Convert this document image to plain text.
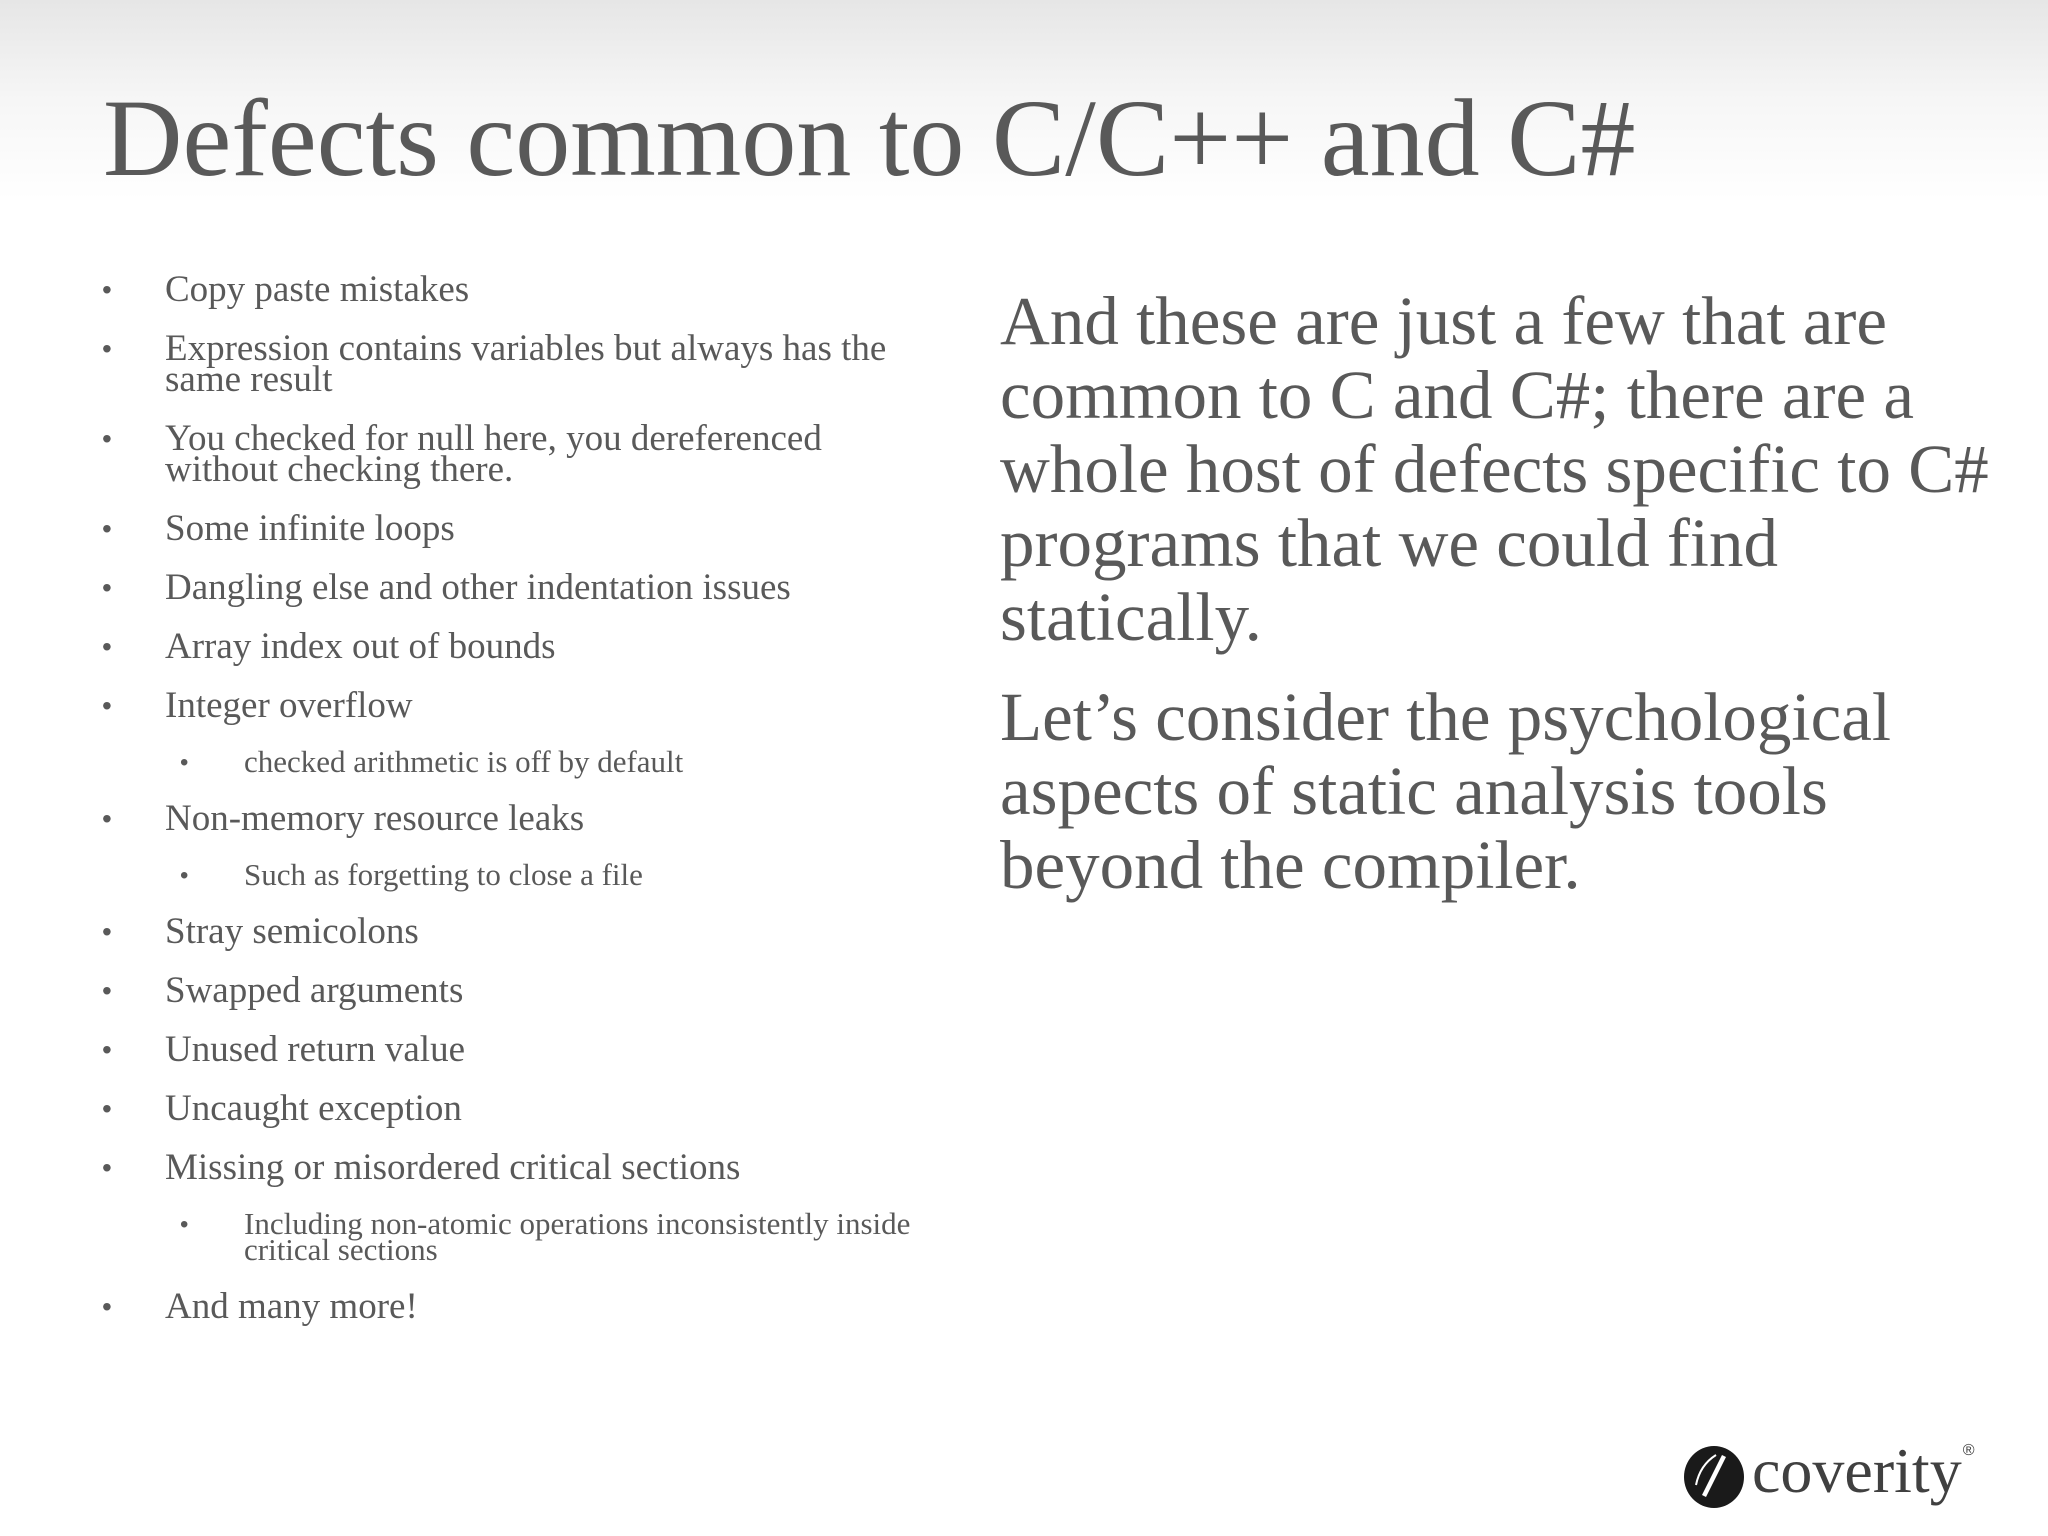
Defects common to C/C++ and C#
• Copy paste mistakes
• Expression contains variables but always has the same result
• You checked for null here, you dereferenced without checking there.
• Some infinite loops
• Dangling else and other indentation issues
• Array index out of bounds
• Integer overflow
• checked arithmetic is off by default
• Non-memory resource leaks
• Such as forgetting to close a file
• Stray semicolons
• Swapped arguments
• Unused return value
• Uncaught exception
• Missing or misordered critical sections
• Including non-atomic operations inconsistently inside critical sections
• And many more!

And these are just a few that are common to C and C#; there are a whole host of defects specific to C# programs that we could find statically.

Let’s consider the psychological aspects of static analysis tools beyond the compiler.

coverity ®
